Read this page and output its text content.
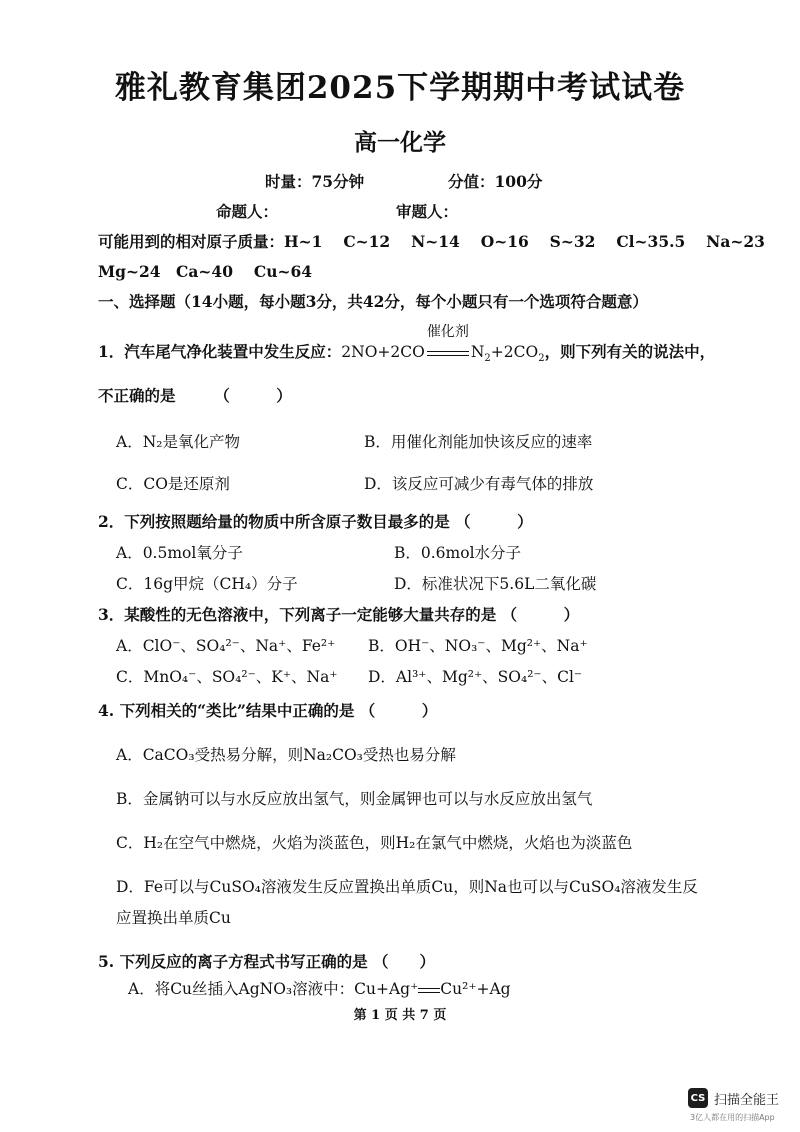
雅礼教育集团2025下学期期中考试试卷
高一化学
时量：75分钟	分值：100分
命题人：	审题人：
可能用到的相对原子质量：H~1　 C~12　 N~14　 O~16　 S~32　 Cl~35.5　 Na~23
Mg~24　Ca~40　 Cu~64
一、选择题（14小题，每小题3分，共42分，每个小题只有一个选项符合题意）
1．汽车尾气净化装置中发生反应：2NO+2CO
催化剂
$N_2+2CO_2$，则下列有关的说法中，
不正确的是　　　（　　　）
A．N₂是氧化产物	B．用催化剂能加快该反应的速率
C．CO是还原剂	D．该反应可减少有毒气体的排放
2．下列按照题给量的物质中所含原子数目最多的是 （　　　）
A．0.5mol氧分子	B．0.6mol水分子
C．16g甲烷（CH₄）分子	D．标准状况下5.6L二氧化碳
3．某酸性的无色溶液中，下列离子一定能够大量共存的是 （　　　）
A．ClO⁻、SO₄²⁻、Na⁺、Fe²⁺ B．OH⁻、NO₃⁻、Mg²⁺、Na⁺
C．MnO₄⁻、SO₄²⁻、K⁺、Na⁺ D．Al³⁺、Mg²⁺、SO₄²⁻、Cl⁻
4. 下列相关的“类比”结果中正确的是 （　　　）
A．CaCO₃受热易分解，则Na₂CO₃受热也易分解
B．金属钠可以与水反应放出氢气，则金属钾也可以与水反应放出氢气
C．H₂在空气中燃烧，火焰为淡蓝色，则H₂在氯气中燃烧，火焰也为淡蓝色
D．Fe可以与CuSO₄溶液发生反应置换出单质Cu，则Na也可以与CuSO₄溶液发生反
应置换出单质Cu
5. 下列反应的离子方程式书写正确的是 （　　）
A．将Cu丝插入AgNO₃溶液中：Cu+Ag⁺ Cu²⁺+Ag
第 1 页 共 7 页
CS 扫描全能王
3亿人都在用的扫描App
